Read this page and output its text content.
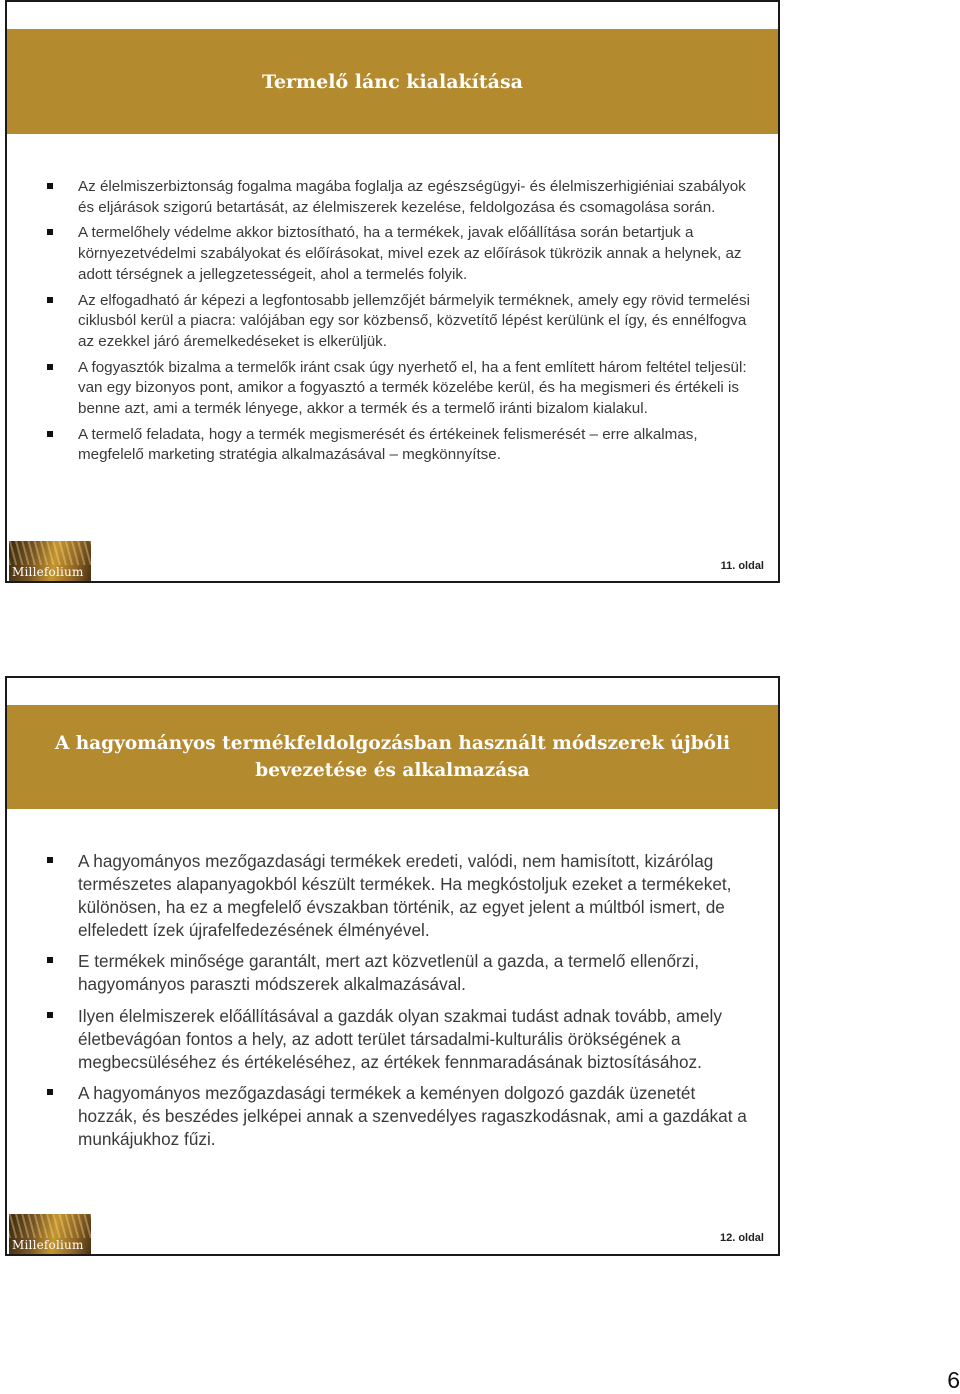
Termelő lánc kialakítása
Az élelmiszerbiztonság fogalma magába foglalja az egészségügyi- és élelmiszerhigiéniai szabályok és eljárások szigorú betartását, az élelmiszerek kezelése, feldolgozása és csomagolása során.
A termelőhely védelme akkor biztosítható, ha a termékek, javak előállítása során betartjuk a környezetvédelmi szabályokat és előírásokat, mivel ezek az előírások tükrözik annak a helynek, az adott térségnek a jellegzetességeit, ahol a termelés folyik.
Az elfogadható ár képezi a legfontosabb jellemzőjét bármelyik terméknek, amely egy rövid termelési ciklusból kerül a piacra: valójában egy sor közbenső, közvetítő lépést kerülünk el így, és ennélfogva az ezekkel járó áremelkedéseket is elkerüljük.
A fogyasztók bizalma a termelők iránt csak úgy nyerhető el, ha a fent említett három feltétel teljesül: van egy bizonyos pont, amikor a fogyasztó a termék közelébe kerül, és ha megismeri és értékeli is benne azt, ami a termék lényege, akkor a termék és a termelő iránti bizalom kialakul.
A termelő feladata, hogy a termék megismerését és értékeinek felismerését – erre alkalmas, megfelelő marketing stratégia alkalmazásával – megkönnyítse.
Millefolium	11. oldal
A hagyományos termékfeldolgozásban használt módszerek újbóli
bevezetése és alkalmazása
A hagyományos mezőgazdasági termékek eredeti, valódi, nem hamisított, kizárólag természetes alapanyagokból készült termékek. Ha megkóstoljuk ezeket a termékeket, különösen, ha ez a megfelelő évszakban történik, az egyet jelent a múltból ismert, de elfeledett ízek újrafelfedezésének élményével.
E termékek minősége garantált, mert azt közvetlenül a gazda, a termelő ellenőrzi, hagyományos paraszti módszerek alkalmazásával.
Ilyen élelmiszerek előállításával a gazdák olyan szakmai tudást adnak tovább, amely életbevágóan fontos a hely, az adott terület társadalmi-kulturális örökségének a megbecsüléséhez és értékeléséhez, az értékek fennmaradásának biztosításához.
A hagyományos mezőgazdasági termékek a keményen dolgozó gazdák üzenetét hozzák, és beszédes jelképei annak a szenvedélyes ragaszkodásnak, ami a gazdákat a munkájukhoz fűzi.
Millefolium	12. oldal
6
